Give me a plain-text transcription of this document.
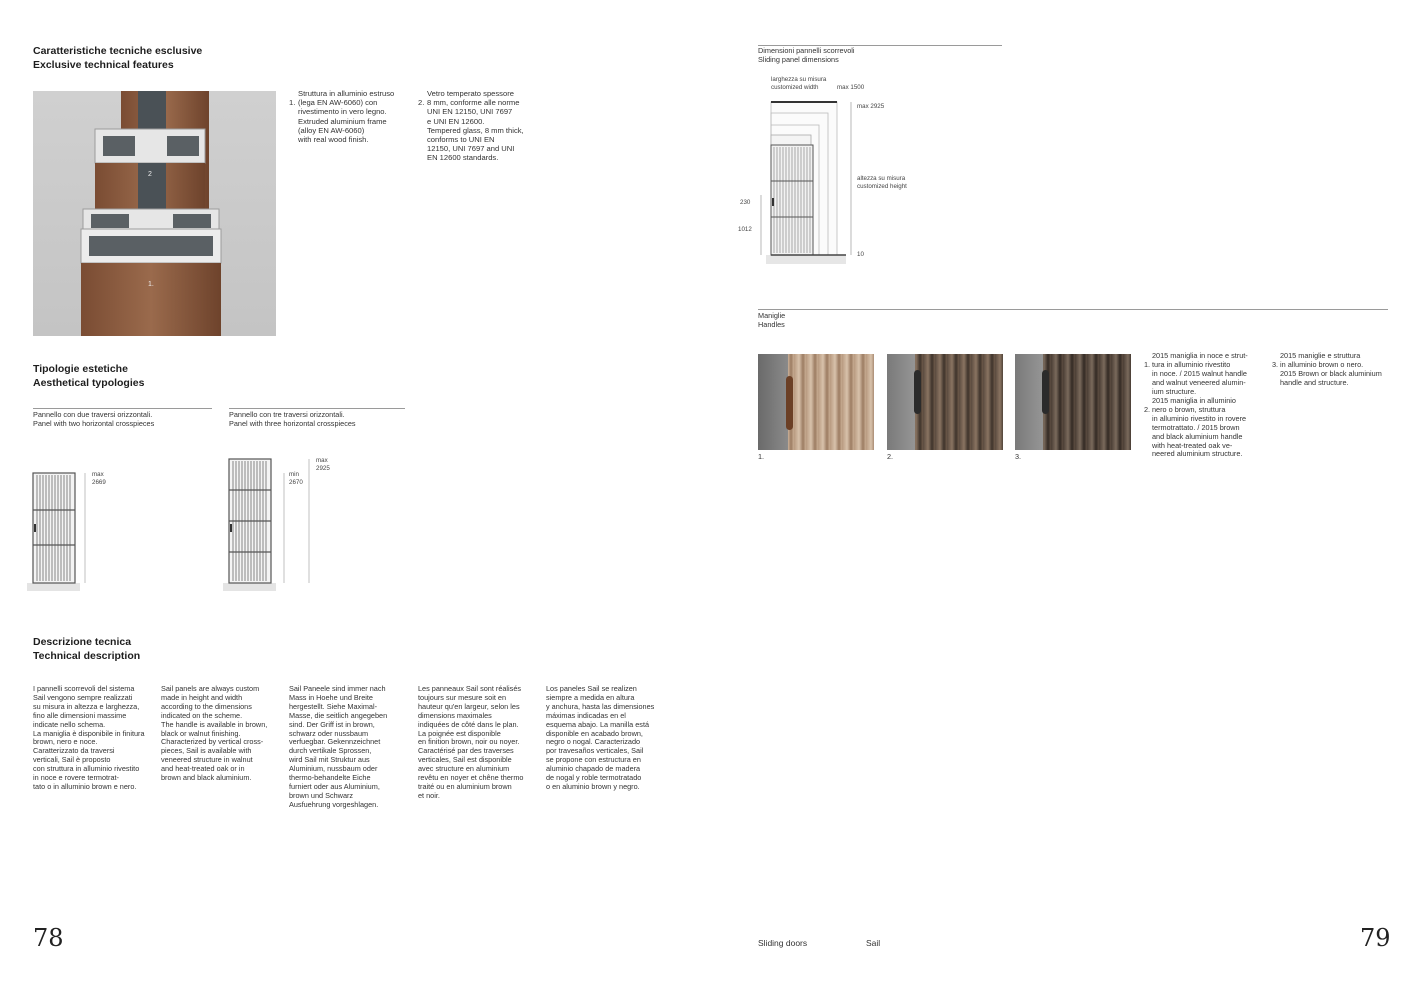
Caratteristiche tecniche esclusive
Exclusive technical features
2
1.

1.

Struttura in alluminio estruso
(lega EN AW-6060) con
rivestimento in vero legno.
Extruded aluminium frame
(alloy EN AW-6060)
with real wood finish.

2.

Vetro temperato spessore
8 mm, conforme alle norme
UNI EN 12150, UNI 7697
e UNI EN 12600.
Tempered glass, 8 mm thick,
conforms to UNI EN
12150, UNI 7697 and UNI
EN 12600 standards.

Tipologie estetiche
Aesthetical typologies
Pannello con due traversi orizzontali.
Panel with two horizontal crosspieces
Pannello con tre traversi orizzontali.
Panel with three horizontal crosspieces
max
2669
min
2670
max
2925
Descrizione tecnica
Technical description
I pannelli scorrevoli del sistema
Sail vengono sempre realizzati
su misura in altezza e larghezza,
fino alle dimensioni massime
indicate nello schema.
La maniglia è disponibile in finitura
brown, nero e noce.
Caratterizzato da traversi
verticali, Sail è proposto
con struttura in alluminio rivestito
in noce e rovere termotrat-
tato o in alluminio brown e nero.
Sail panels are always custom
made in height and width
according to the dimensions
indicated on the scheme.
The handle is available in brown,
black or walnut finishing.
Characterized by vertical cross-
pieces, Sail is available with
veneered structure in walnut
and heat-treated oak or in
brown and black aluminium.
Sail Paneele sind immer nach
Mass in Hoehe und Breite
hergestellt. Siehe Maximal-
Masse, die seitlich angegeben
sind. Der Griff ist in brown,
schwarz oder nussbaum
verfuegbar. Gekennzeichnet
durch vertikale Sprossen,
wird Sail mit Struktur aus
Aluminium, nussbaum oder
thermo-behandelte Eiche
furniert oder aus Aluminium,
brown und Schwarz
Ausfuehrung vorgeshlagen.
Les panneaux Sail sont réalisés
toujours sur mesure soit en
hauteur qu'en largeur, selon les
dimensions maximales
indiquées de côté dans le plan.
La poignée est disponible
en finition brown, noir ou noyer.
Caractérisé par des traverses
verticales, Sail est disponible
avec structure en aluminium
revêtu en noyer et chêne thermo
traité ou en aluminium brown
et noir.
Los paneles Sail se realizen
siempre a medida en altura
y anchura, hasta las dimensiones
máximas indicadas en el
esquema abajo. La manilla está
disponible en acabado brown,
negro o nogal. Caracterizado
por travesaños verticales, Sail
se propone con estructura en
aluminio chapado de madera
de nogal y roble termotratado
o en aluminio brown y negro.
78
Dimensioni pannelli scorrevoli
Sliding panel dimensions
larghezza su misura
customized width	max 1500
max 2925
altezza su misura
customized height
230
1012
10
Maniglie
Handles
1.	2.	3.

1.

2015 maniglia in noce e strut-
tura in alluminio rivestito
in noce. / 2015 walnut handle
and walnut veneered alumin-
ium structure.

2.

2015 maniglia in alluminio
nero o brown, struttura
in alluminio rivestito in rovere
termotrattato. / 2015 brown
and black aluminium handle
with heat-treated oak ve-
neered aluminium structure.

3.

2015 maniglie e struttura
in alluminio brown o nero.
2015 Brown or black aluminium
handle and structure.

Sliding doors	Sail	79
